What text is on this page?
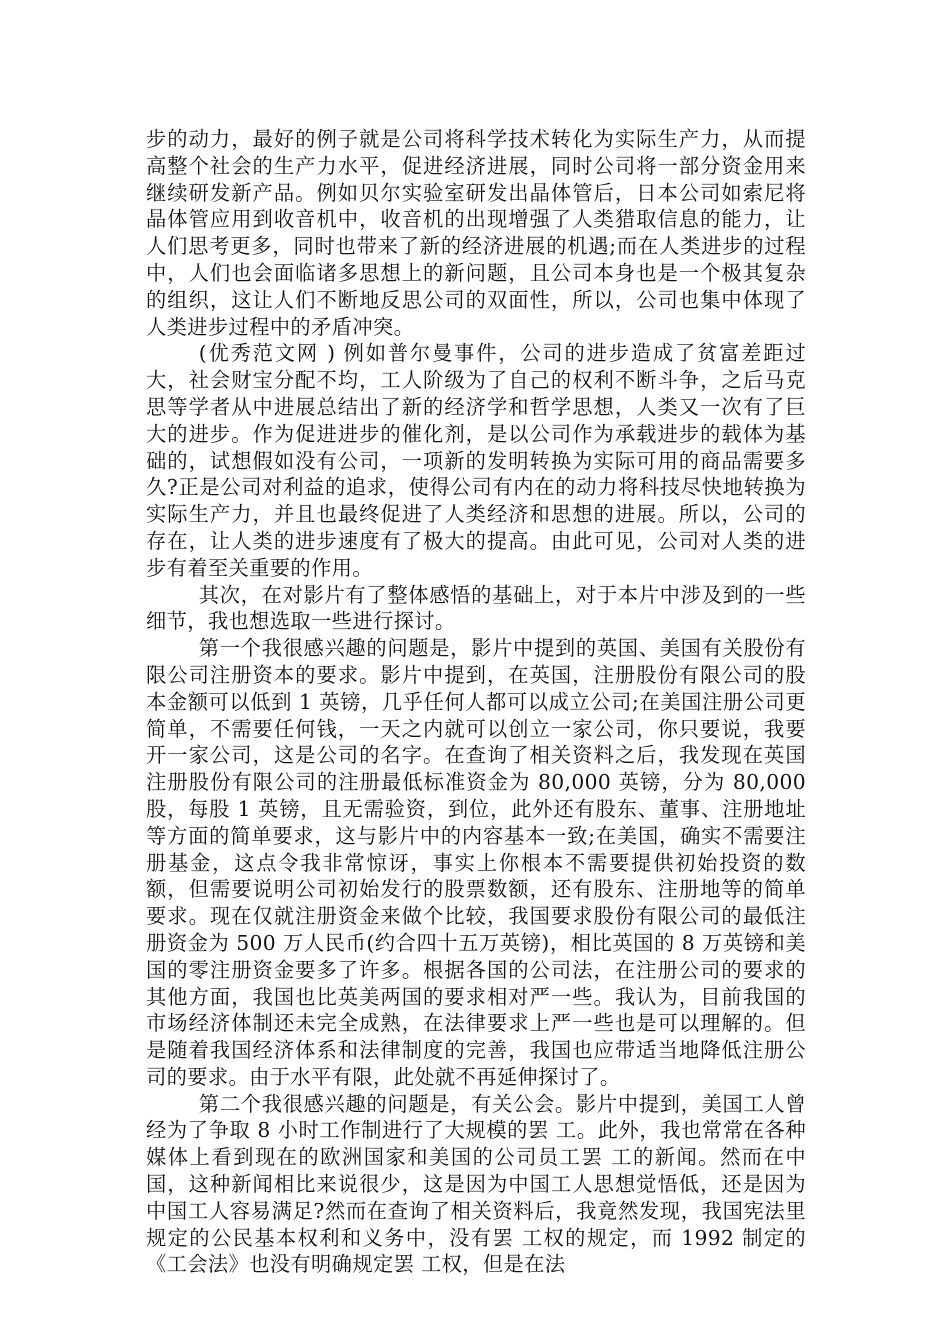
步的动力，最好的例子就是公司将科学技术转化为实际生产力，从而提高整个社会的生产力水平，促进经济进展，同时公司将一部分资金用来继续研发新产品。例如贝尔实验室研发出晶体管后，日本公司如索尼将晶体管应用到收音机中，收音机的出现增强了人类猎取信息的能力，让人们思考更多，同时也带来了新的经济进展的机遇;而在人类进步的过程中，人们也会面临诸多思想上的新问题，且公司本身也是一个极其复杂的组织，这让人们不断地反思公司的双面性，所以，公司也集中体现了人类进步过程中的矛盾冲突。

(优秀范文网 ) 例如普尔曼事件，公司的进步造成了贫富差距过大，社会财宝分配不均，工人阶级为了自己的权利不断斗争，之后马克思等学者从中进展总结出了新的经济学和哲学思想，人类又一次有了巨大的进步。作为促进进步的催化剂，是以公司作为承载进步的载体为基础的，试想假如没有公司，一项新的发明转换为实际可用的商品需要多久?正是公司对利益的追求，使得公司有内在的动力将科技尽快地转换为实际生产力，并且也最终促进了人类经济和思想的进展。所以，公司的存在，让人类的进步速度有了极大的提高。由此可见，公司对人类的进步有着至关重要的作用。

其次，在对影片有了整体感悟的基础上，对于本片中涉及到的一些细节，我也想选取一些进行探讨。

第一个我很感兴趣的问题是，影片中提到的英国、美国有关股份有限公司注册资本的要求。影片中提到，在英国，注册股份有限公司的股本金额可以低到 1 英镑，几乎任何人都可以成立公司;在美国注册公司更简单，不需要任何钱，一天之内就可以创立一家公司，你只要说，我要开一家公司，这是公司的名字。在查询了相关资料之后，我发现在英国注册股份有限公司的注册最低标准资金为 80,000 英镑，分为 80,000 股，每股 1 英镑，且无需验资，到位，此外还有股东、董事、注册地址等方面的简单要求，这与影片中的内容基本一致;在美国，确实不需要注册基金，这点令我非常惊讶，事实上你根本不需要提供初始投资的数额，但需要说明公司初始发行的股票数额，还有股东、注册地等的简单要求。现在仅就注册资金来做个比较，我国要求股份有限公司的最低注册资金为 500 万人民币(约合四十五万英镑)，相比英国的 8 万英镑和美国的零注册资金要多了许多。根据各国的公司法，在注册公司的要求的其他方面，我国也比英美两国的要求相对严一些。我认为，目前我国的市场经济体制还未完全成熟，在法律要求上严一些也是可以理解的。但是随着我国经济体系和法律制度的完善，我国也应带适当地降低注册公司的要求。由于水平有限，此处就不再延伸探讨了。

第二个我很感兴趣的问题是，有关公会。影片中提到，美国工人曾经为了争取 8 小时工作制进行了大规模的罢 工。此外，我也常常在各种媒体上看到现在的欧洲国家和美国的公司员工罢 工的新闻。然而在中国，这种新闻相比来说很少，这是因为中国工人思想觉悟低，还是因为中国工人容易满足?然而在查询了相关资料后，我竟然发现，我国宪法里规定的公民基本权利和义务中，没有罢 工权的规定，而 1992 制定的《工会法》也没有明确规定罢 工权，但是在法
